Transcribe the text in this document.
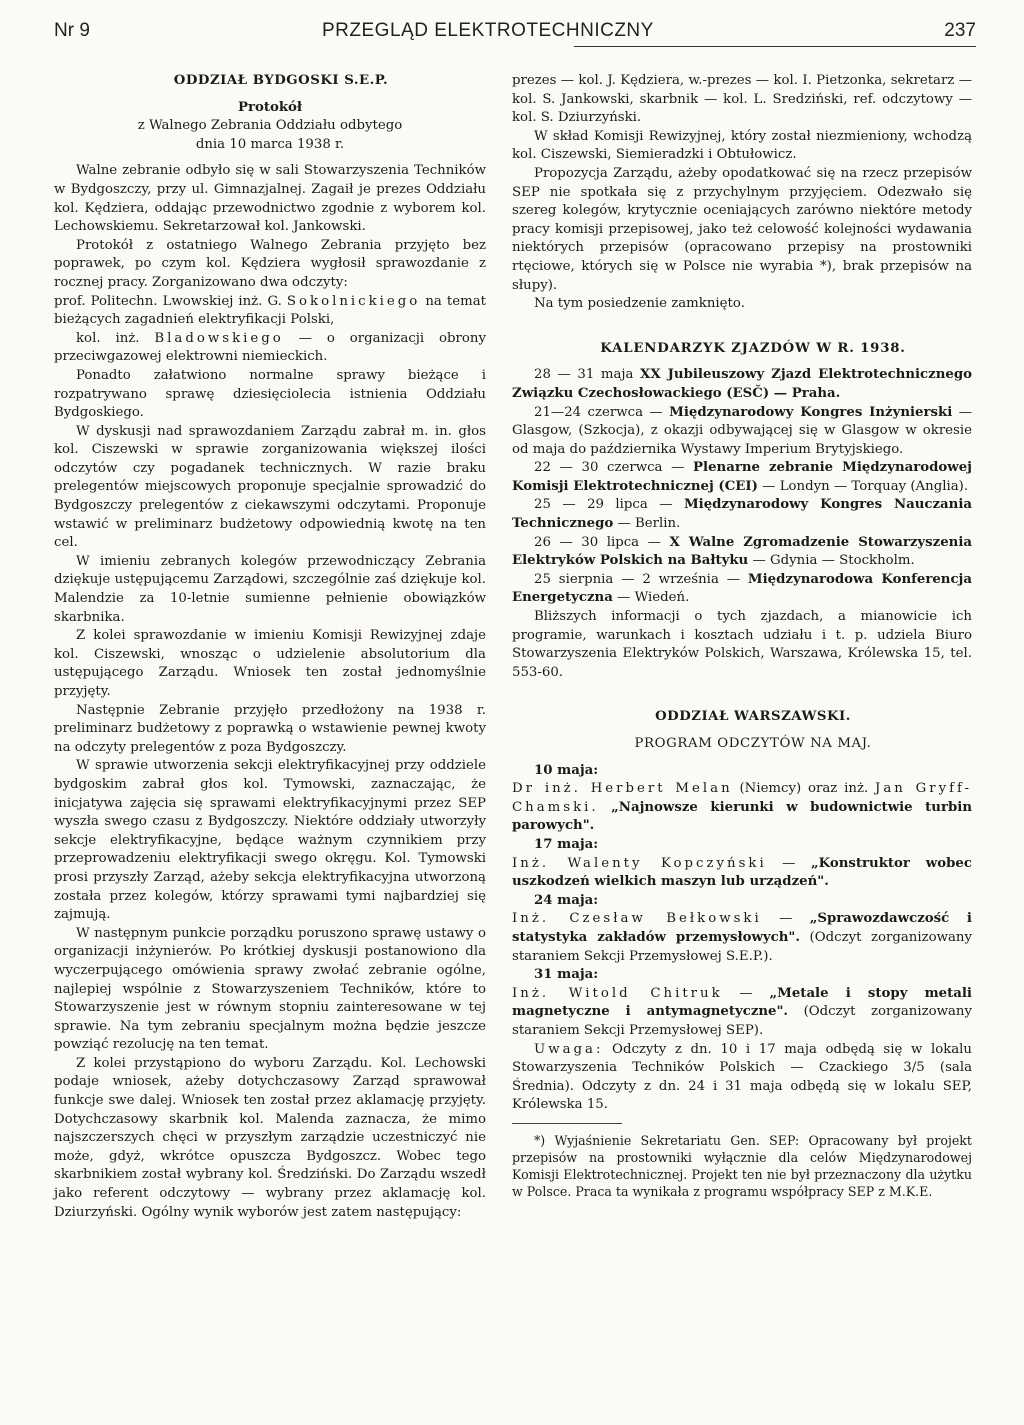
Nr 9	PRZEGLĄD ELEKTROTECHNICZNY	237

ODDZIAŁ BYDGOSKI S.E.P.

Protokół

z Walnego Zebrania Oddziału odbytego

dnia 10 marca 1938 r.

Walne zebranie odbyło się w sali Stowarzyszenia Techników w Bydgoszczy, przy ul. Gimnazjalnej. Zagaił je prezes Oddziału kol. Kędziera, oddając przewodnictwo zgodnie z wyborem kol. Lechowskiemu. Sekretarzował kol. Jankowski.

Protokół z ostatniego Walnego Zebrania przyjęto bez poprawek, po czym kol. Kędziera wygłosił sprawozdanie z rocznej pracy. Zorganizowano dwa odczyty:

prof. Politechn. Lwowskiej inż. G. Sokolnickiego na temat bieżących zagadnień elektryfikacji Polski,

kol. inż. Bladowskiego — o organizacji obrony przeciwgazowej elektrowni niemieckich.

Ponadto załatwiono normalne sprawy bieżące i rozpatrywano sprawę dziesięciolecia istnienia Oddziału Bydgoskiego.

W dyskusji nad sprawozdaniem Zarządu zabrał m. in. głos kol. Ciszewski w sprawie zorganizowania większej ilości odczytów czy pogadanek technicznych. W razie braku prelegentów miejscowych proponuje specjalnie sprowadzić do Bydgoszczy prelegentów z ciekawszymi odczytami. Proponuje wstawić w preliminarz budżetowy odpowiednią kwotę na ten cel.

W imieniu zebranych kolegów przewodniczący Zebrania dziękuje ustępującemu Zarządowi, szczególnie zaś dziękuje kol. Malendzie za 10-letnie sumienne pełnienie obowiązków skarbnika.

Z kolei sprawozdanie w imieniu Komisji Rewizyjnej zdaje kol. Ciszewski, wnosząc o udzielenie absolutorium dla ustępującego Zarządu. Wniosek ten został jednomyślnie przyjęty.

Następnie Zebranie przyjęło przedłożony na 1938 r. preliminarz budżetowy z poprawką o wstawienie pewnej kwoty na odczyty prelegentów z poza Bydgoszczy.

W sprawie utworzenia sekcji elektryfikacyjnej przy oddziele bydgoskim zabrał głos kol. Tymowski, zaznaczając, że inicjatywa zajęcia się sprawami elektryfikacyjnymi przez SEP wyszła swego czasu z Bydgoszczy. Niektóre oddziały utworzyły sekcje elektryfikacyjne, będące ważnym czynnikiem przy przeprowadzeniu elektryfikacji swego okręgu. Kol. Tymowski prosi przyszły Zarząd, ażeby sekcja elektryfikacyjna utworzoną została przez kolegów, którzy sprawami tymi najbardziej się zajmują.

W następnym punkcie porządku poruszono sprawę ustawy o organizacji inżynierów. Po krótkiej dyskusji postanowiono dla wyczerpującego omówienia sprawy zwołać zebranie ogólne, najlepiej wspólnie z Stowarzyszeniem Techników, które to Stowarzyszenie jest w równym stopniu zainteresowane w tej sprawie. Na tym zebraniu specjalnym można będzie jeszcze powziąć rezolucję na ten temat.

Z kolei przystąpiono do wyboru Zarządu. Kol. Lechowski podaje wniosek, ażeby dotychczasowy Zarząd sprawował funkcje swe dalej. Wniosek ten został przez aklamację przyjęty. Dotychczasowy skarbnik kol. Malenda zaznacza, że mimo najszczerszych chęci w przyszłym zarządzie uczestniczyć nie może, gdyż, wkrótce opuszcza Bydgoszcz. Wobec tego skarbnikiem został wybrany kol. Średziński. Do Zarządu wszedł jako referent odczytowy — wybrany przez aklamację kol. Dziurzyński. Ogólny wynik wyborów jest zatem następujący:

prezes — kol. J. Kędziera, w.-prezes — kol. I. Pietzonka, sekretarz — kol. S. Jankowski, skarbnik — kol. L. Sredziński, ref. odczytowy — kol. S. Dziurzyński.

W skład Komisji Rewizyjnej, który został niezmieniony, wchodzą kol. Ciszewski, Siemieradzki i Obtułowicz.

Propozycja Zarządu, ażeby opodatkować się na rzecz przepisów SEP nie spotkała się z przychylnym przyjęciem. Odezwało się szereg kolegów, krytycznie oceniających zarówno niektóre metody pracy komisji przepisowej, jako też celowość kolejności wydawania niektórych przepisów (opracowano przepisy na prostowniki rtęciowe, których się w Polsce nie wyrabia *), brak przepisów na słupy).

Na tym posiedzenie zamknięto.

KALENDARZYK ZJAZDÓW W R. 1938.

28 — 31 maja XX Jubileuszowy Zjazd Elektrotechnicznego Związku Czechosłowackiego (ESČ) — Praha.

21—24 czerwca — Międzynarodowy Kongres Inżynierski — Glasgow, (Szkocja), z okazji odbywającej się w Glasgow w okresie od maja do października Wystawy Imperium Brytyjskiego.

22 — 30 czerwca — Plenarne zebranie Międzynarodowej Komisji Elektrotechnicznej (CEI) — Londyn — Torquay (Anglia).

25 — 29 lipca — Międzynarodowy Kongres Nauczania Technicznego — Berlin.

26 — 30 lipca — X Walne Zgromadzenie Stowarzyszenia Elektryków Polskich na Bałtyku — Gdynia — Stockholm.

25 sierpnia — 2 września — Międzynarodowa Konferencja Energetyczna — Wiedeń.

Bliższych informacji o tych zjazdach, a mianowicie ich programie, warunkach i kosztach udziału i t. p. udziela Biuro Stowarzyszenia Elektryków Polskich, Warszawa, Królewska 15, tel. 553-60.

ODDZIAŁ WARSZAWSKI.

PROGRAM ODCZYTÓW NA MAJ.

10 maja:

Dr inż. Herbert Melan (Niemcy) oraz inż. Jan Gryff-Chamski. „Najnowsze kierunki w budownictwie turbin parowych".

17 maja:

Inż. Walenty Kopczyński — „Konstruktor wobec uszkodzeń wielkich maszyn lub urządzeń".

24 maja:

Inż. Czesław Bełkowski — „Sprawozdawczość i statystyka zakładów przemysłowych". (Odczyt zorganizowany staraniem Sekcji Przemysłowej S.E.P.).

31 maja:

Inż. Witold Chitruk — „Metale i stopy metali magnetyczne i antymagnetyczne". (Odczyt zorganizowany staraniem Sekcji Przemysłowej SEP).

Uwaga: Odczyty z dn. 10 i 17 maja odbędą się w lokalu Stowarzyszenia Techników Polskich — Czackiego 3/5 (sala Średnia). Odczyty z dn. 24 i 31 maja odbędą się w lokalu SEP, Królewska 15.

*) Wyjaśnienie Sekretariatu Gen. SEP: Opracowany był projekt przepisów na prostowniki wyłącznie dla celów Międzynarodowej Komisji Elektrotechnicznej. Projekt ten nie był przeznaczony dla użytku w Polsce. Praca ta wynikała z programu współpracy SEP z M.K.E.
